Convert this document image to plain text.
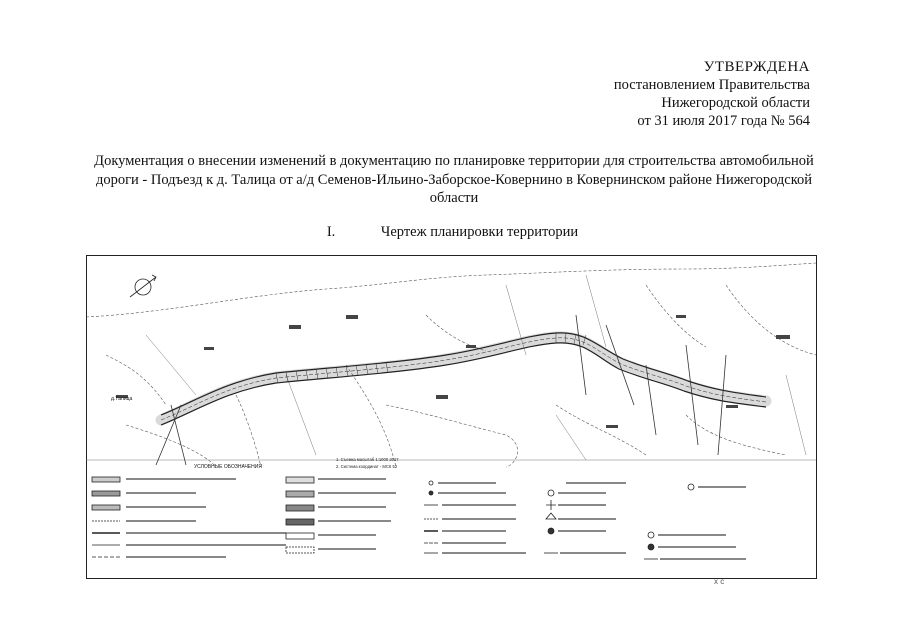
УТВЕРЖДЕНА
постановлением Правительства
Нижегородской области
от 31 июля 2017 года № 564
Документация о внесении изменений в документацию по планировке территории для строительства автомобильной
дороги - Подъезд к д. Талица от а/д Семенов-Ильино-Заборское-Ковернино в Ковернинском районе Нижегородской
области
I.	Чертеж планировки территории
д.Талица
УСЛОВНЫЕ ОБОЗНАЧЕНИЯ
1. Съемка масштаб 1:1000 2017
2. Система координат - МСК 52
х с
